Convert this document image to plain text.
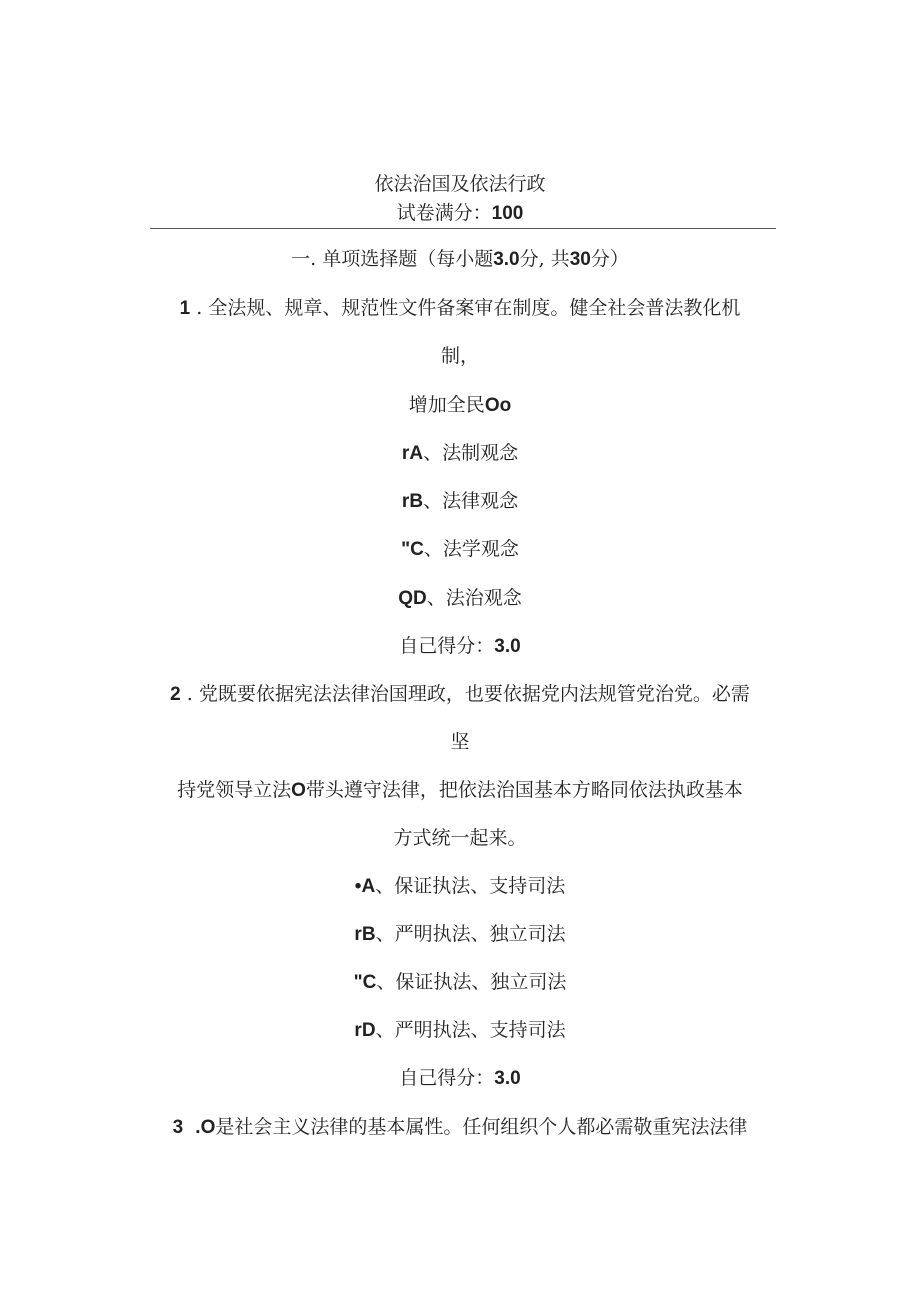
依法治国及依法行政
试卷满分：100
一. 单项选择题（每小题3.0分, 共30分）
1 . 全法规、规章、规范性文件备案审在制度。健全社会普法教化机
制，
增加全民Oo
rA、法制观念
rB、法律观念
"C、法学观念
QD、法治观念
自己得分：3.0
2 . 党既要依据宪法法律治国理政，也要依据党内法规管党治党。必需
坚
持党领导立法O带头遵守法律，把依法治国基本方略同依法执政基本
方式统一起来。
•A、保证执法、支持司法
rB、严明执法、独立司法
"C、保证执法、独立司法
rD、严明执法、支持司法
自己得分：3.0
3 .O是社会主义法律的基本属性。任何组织个人都必需敬重宪法法律
